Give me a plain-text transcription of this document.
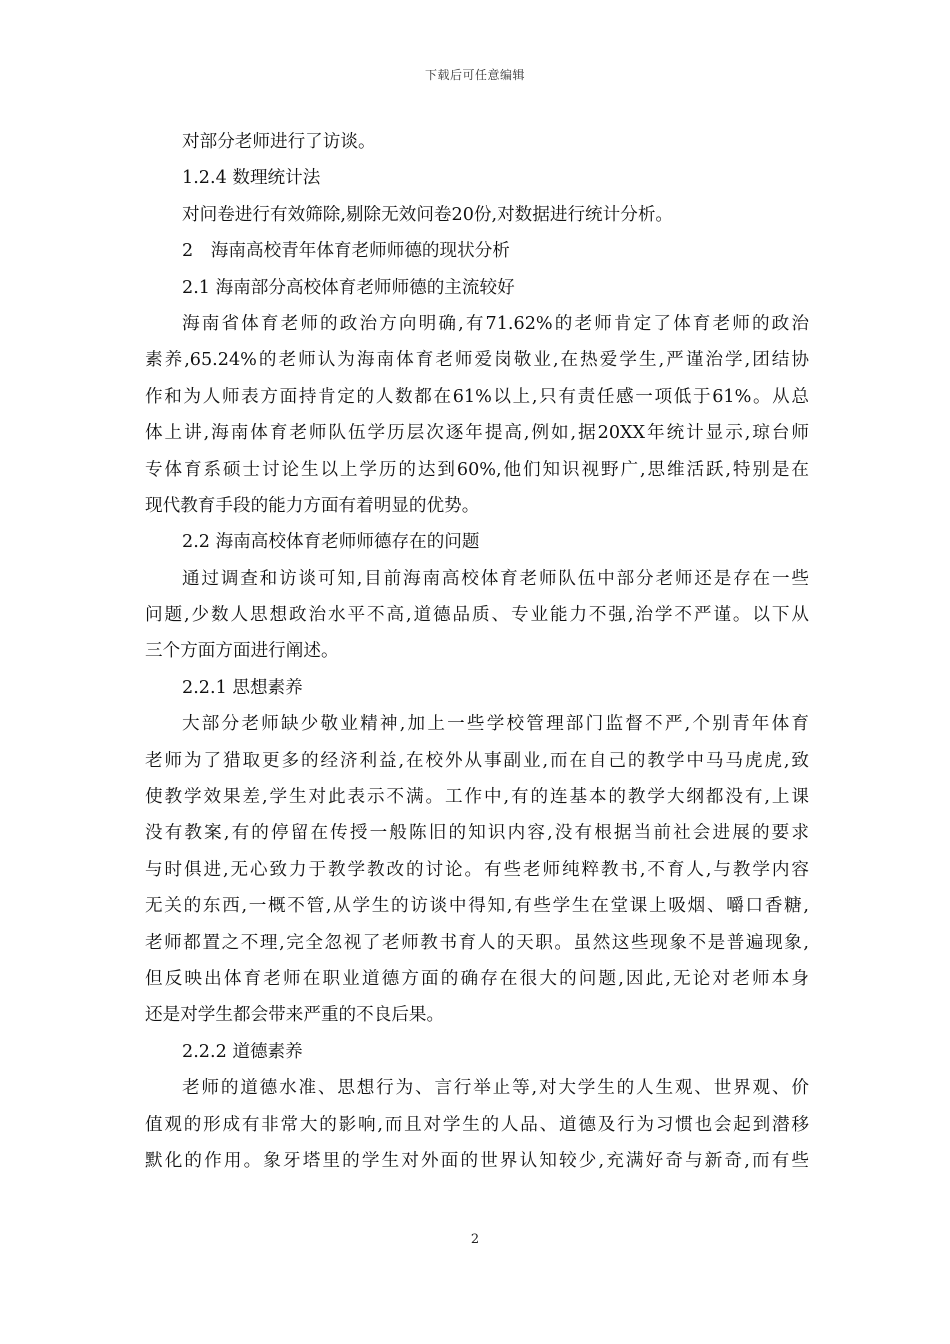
下载后可任意编辑
对部分老师进行了访谈。
1.2.4 数理统计法
对问卷进行有效筛除,剔除无效问卷20份,对数据进行统计分析。
2　海南高校青年体育老师师德的现状分析
2.1 海南部分高校体育老师师德的主流较好
海南省体育老师的政治方向明确,有71.62%的老师肯定了体育老师的政治
素养,65.24%的老师认为海南体育老师爱岗敬业,在热爱学生,严谨治学,团结协
作和为人师表方面持肯定的人数都在61%以上,只有责任感一项低于61%。从总
体上讲,海南体育老师队伍学历层次逐年提高,例如,据20XX年统计显示,琼台师
专体育系硕士讨论生以上学历的达到60%,他们知识视野广,思维活跃,特别是在
现代教育手段的能力方面有着明显的优势。
2.2 海南高校体育老师师德存在的问题
通过调查和访谈可知,目前海南高校体育老师队伍中部分老师还是存在一些
问题,少数人思想政治水平不高,道德品质、专业能力不强,治学不严谨。以下从
三个方面方面进行阐述。
2.2.1 思想素养
大部分老师缺少敬业精神,加上一些学校管理部门监督不严,个别青年体育
老师为了猎取更多的经济利益,在校外从事副业,而在自己的教学中马马虎虎,致
使教学效果差,学生对此表示不满。工作中,有的连基本的教学大纲都没有,上课
没有教案,有的停留在传授一般陈旧的知识内容,没有根据当前社会进展的要求
与时俱进,无心致力于教学教改的讨论。有些老师纯粹教书,不育人,与教学内容
无关的东西,一概不管,从学生的访谈中得知,有些学生在堂课上吸烟、嚼口香糖,
老师都置之不理,完全忽视了老师教书育人的天职。虽然这些现象不是普遍现象,
但反映出体育老师在职业道德方面的确存在很大的问题,因此,无论对老师本身
还是对学生都会带来严重的不良后果。
2.2.2 道德素养
老师的道德水准、思想行为、言行举止等,对大学生的人生观、世界观、价
值观的形成有非常大的影响,而且对学生的人品、道德及行为习惯也会起到潜移
默化的作用。象牙塔里的学生对外面的世界认知较少,充满好奇与新奇,而有些
2
